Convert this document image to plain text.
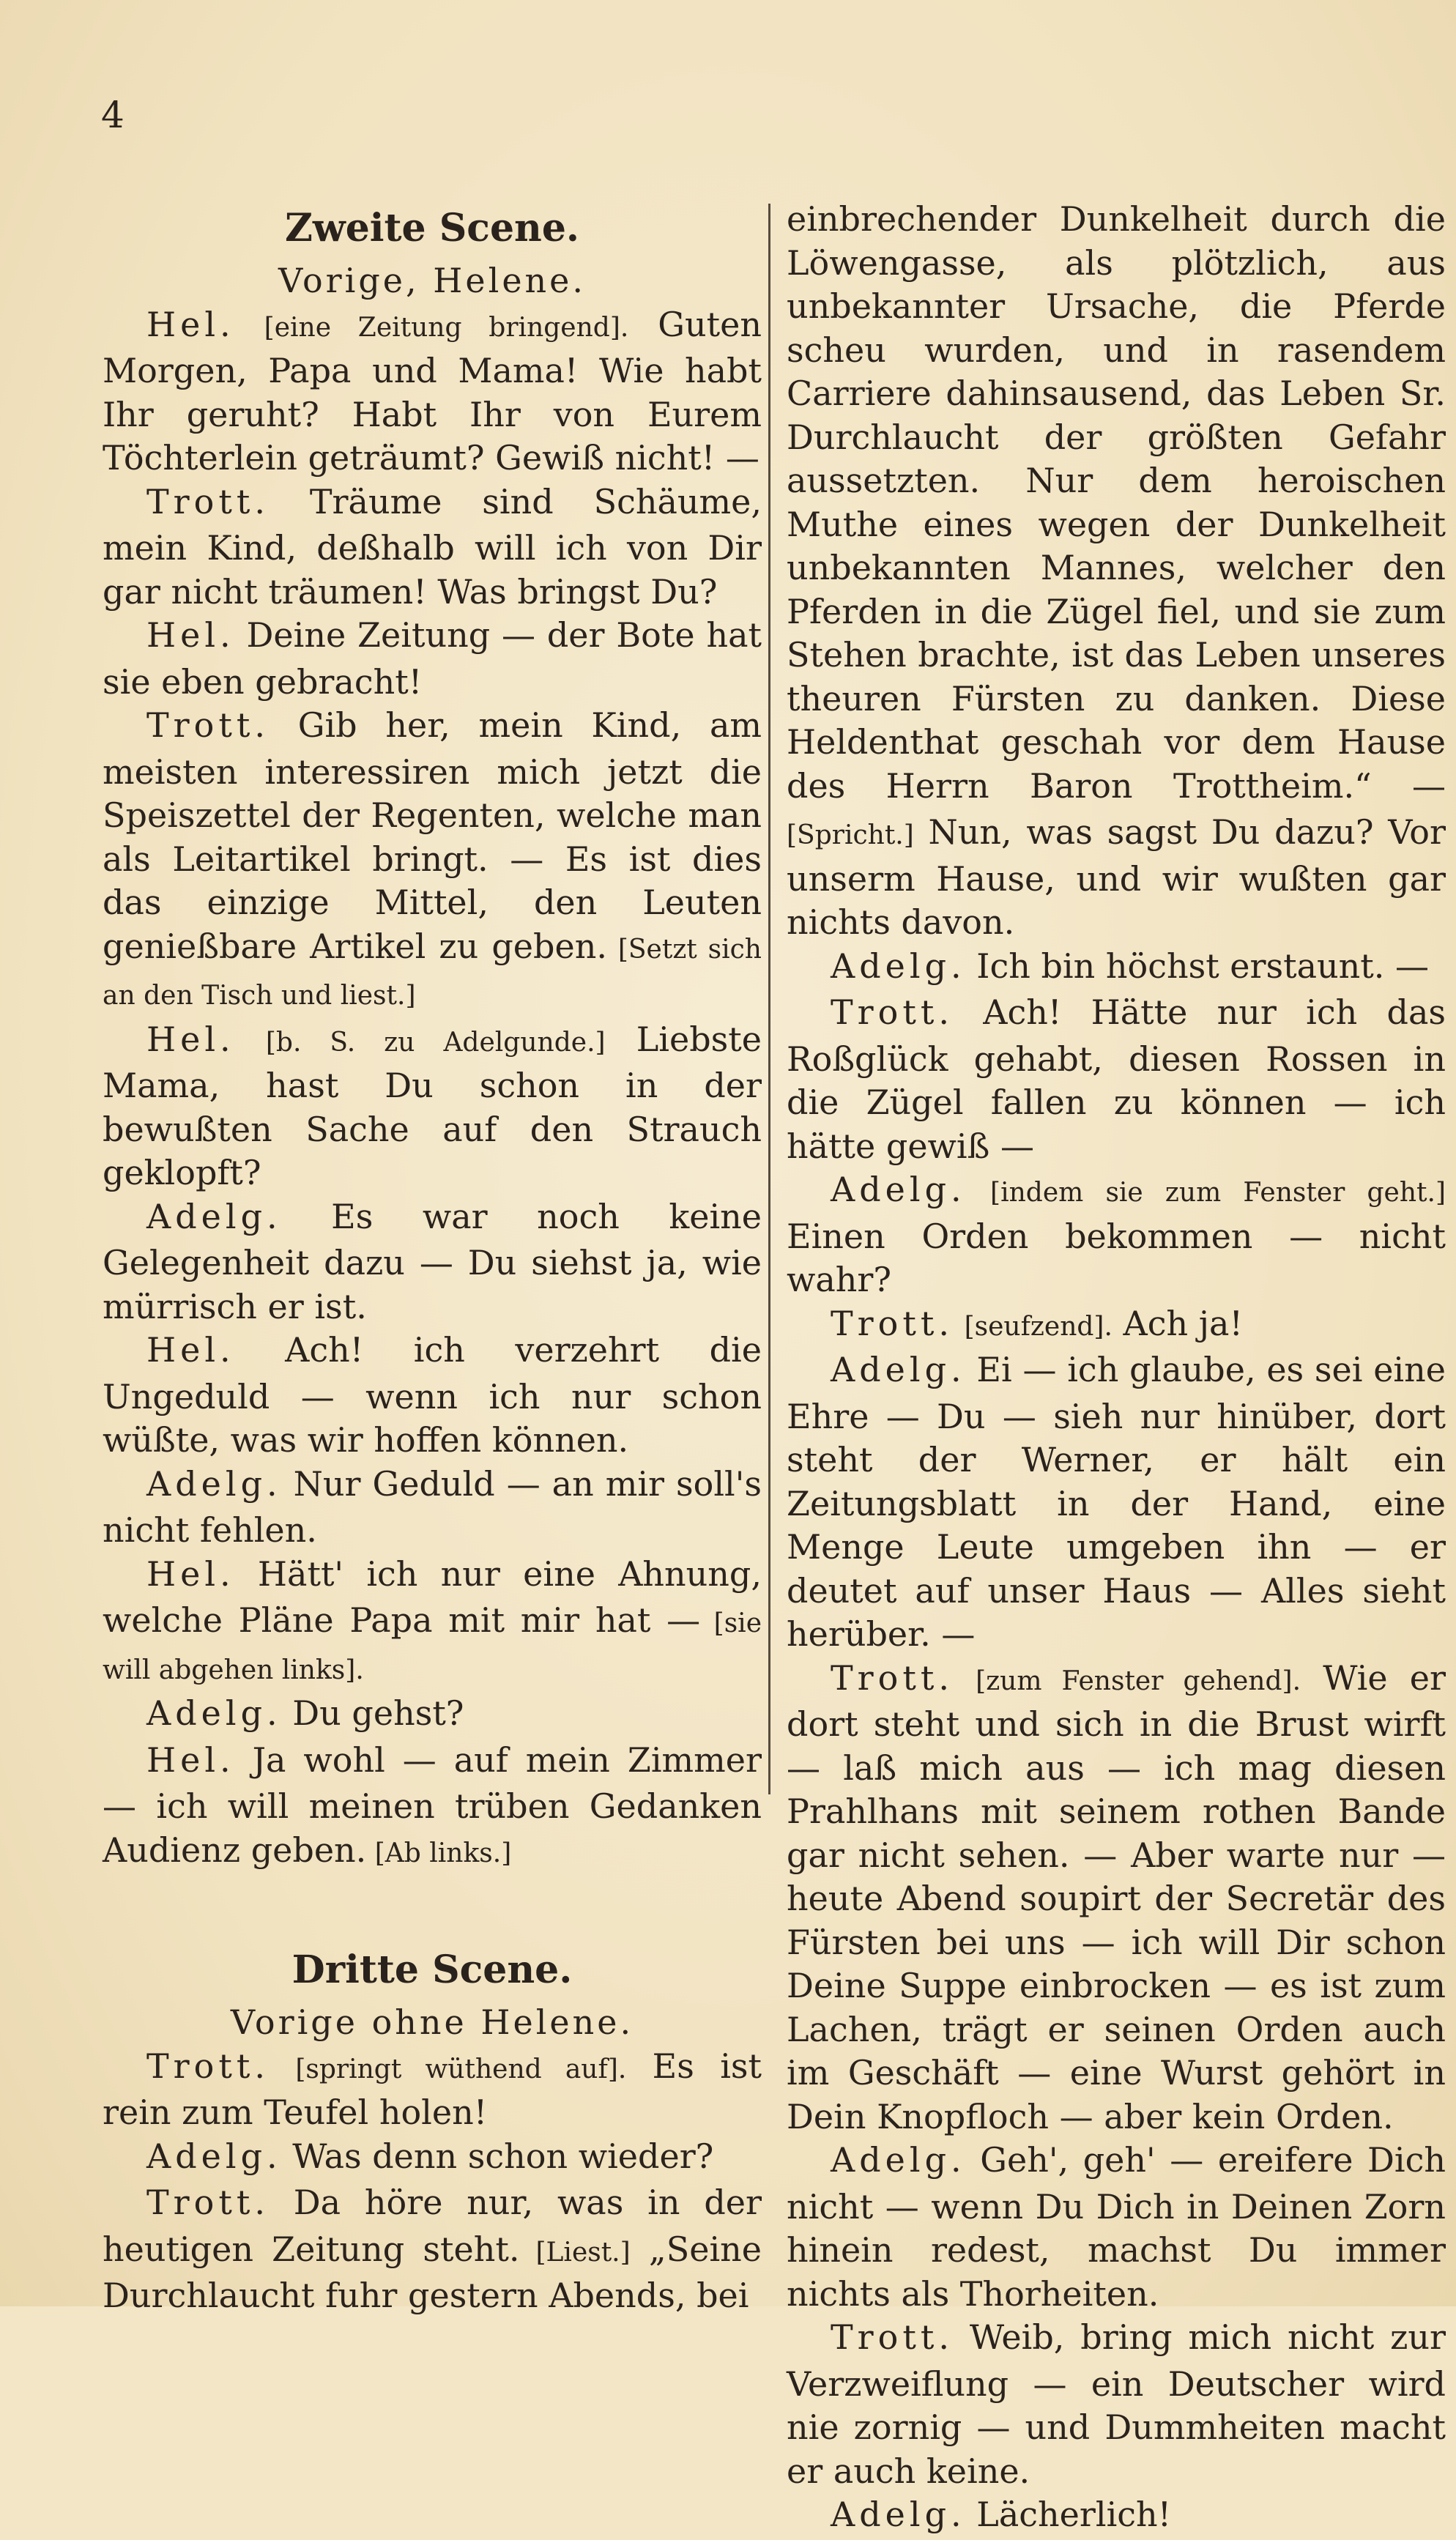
4
Zweite Scene.

Vorige, Helene.

Hel. [eine Zeitung bringend]. Guten Morgen, Papa und Mama! Wie habt Ihr geruht? Habt Ihr von Eurem Töchterlein geträumt? Gewiß nicht! —

Trott. Träume sind Schäume, mein Kind, deßhalb will ich von Dir gar nicht träumen! Was bringst Du?

Hel. Deine Zeitung — der Bote hat sie eben gebracht!

Trott. Gib her, mein Kind, am meisten interessiren mich jetzt die Speiszettel der Regenten, welche man als Leitartikel bringt. — Es ist dies das einzige Mittel, den Leuten genießbare Artikel zu geben. [Setzt sich an den Tisch und liest.]

Hel. [b. S. zu Adelgunde.] Liebste Mama, hast Du schon in der bewußten Sache auf den Strauch geklopft?

Adelg. Es war noch keine Gelegenheit dazu — Du siehst ja, wie mürrisch er ist.

Hel. Ach! ich verzehrt die Ungeduld — wenn ich nur schon wüßte, was wir hoffen können.

Adelg. Nur Geduld — an mir soll's nicht fehlen.

Hel. Hätt' ich nur eine Ahnung, welche Pläne Papa mit mir hat — [sie will abgehen links].

Adelg. Du gehst?

Hel. Ja wohl — auf mein Zimmer — ich will meinen trüben Gedanken Audienz geben. [Ab links.]

Dritte Scene.

Vorige ohne Helene.

Trott. [springt wüthend auf]. Es ist rein zum Teufel holen!

Adelg. Was denn schon wieder?

Trott. Da höre nur, was in der heutigen Zeitung steht. [Liest.] „Seine Durchlaucht fuhr gestern Abends, bei

einbrechender Dunkelheit durch die Löwengasse, als plötzlich, aus unbekannter Ursache, die Pferde scheu wurden, und in rasendem Carriere dahinsausend, das Leben Sr. Durchlaucht der größten Gefahr aussetzten. Nur dem heroischen Muthe eines wegen der Dunkelheit unbekannten Mannes, welcher den Pferden in die Zügel fiel, und sie zum Stehen brachte, ist das Leben unseres theuren Fürsten zu danken. Diese Heldenthat geschah vor dem Hause des Herrn Baron Trottheim.“ — [Spricht.] Nun, was sagst Du dazu? Vor unserm Hause, und wir wußten gar nichts davon.

Adelg. Ich bin höchst erstaunt. —

Trott. Ach! Hätte nur ich das Roßglück gehabt, diesen Rossen in die Zügel fallen zu können — ich hätte gewiß —

Adelg. [indem sie zum Fenster geht.] Einen Orden bekommen — nicht wahr?

Trott. [seufzend]. Ach ja!

Adelg. Ei — ich glaube, es sei eine Ehre — Du — sieh nur hinüber, dort steht der Werner, er hält ein Zeitungsblatt in der Hand, eine Menge Leute umgeben ihn — er deutet auf unser Haus — Alles sieht herüber. —

Trott. [zum Fenster gehend]. Wie er dort steht und sich in die Brust wirft — laß mich aus — ich mag diesen Prahlhans mit seinem rothen Bande gar nicht sehen. — Aber warte nur — heute Abend soupirt der Secretär des Fürsten bei uns — ich will Dir schon Deine Suppe einbrocken — es ist zum Lachen, trägt er seinen Orden auch im Geschäft — eine Wurst gehört in Dein Knopfloch — aber kein Orden.

Adelg. Geh', geh' — ereifere Dich nicht — wenn Du Dich in Deinen Zorn hinein redest, machst Du immer nichts als Thorheiten.

Trott. Weib, bring mich nicht zur Verzweiflung — ein Deutscher wird nie zornig — und Dummheiten macht er auch keine.

Adelg. Lächerlich!
